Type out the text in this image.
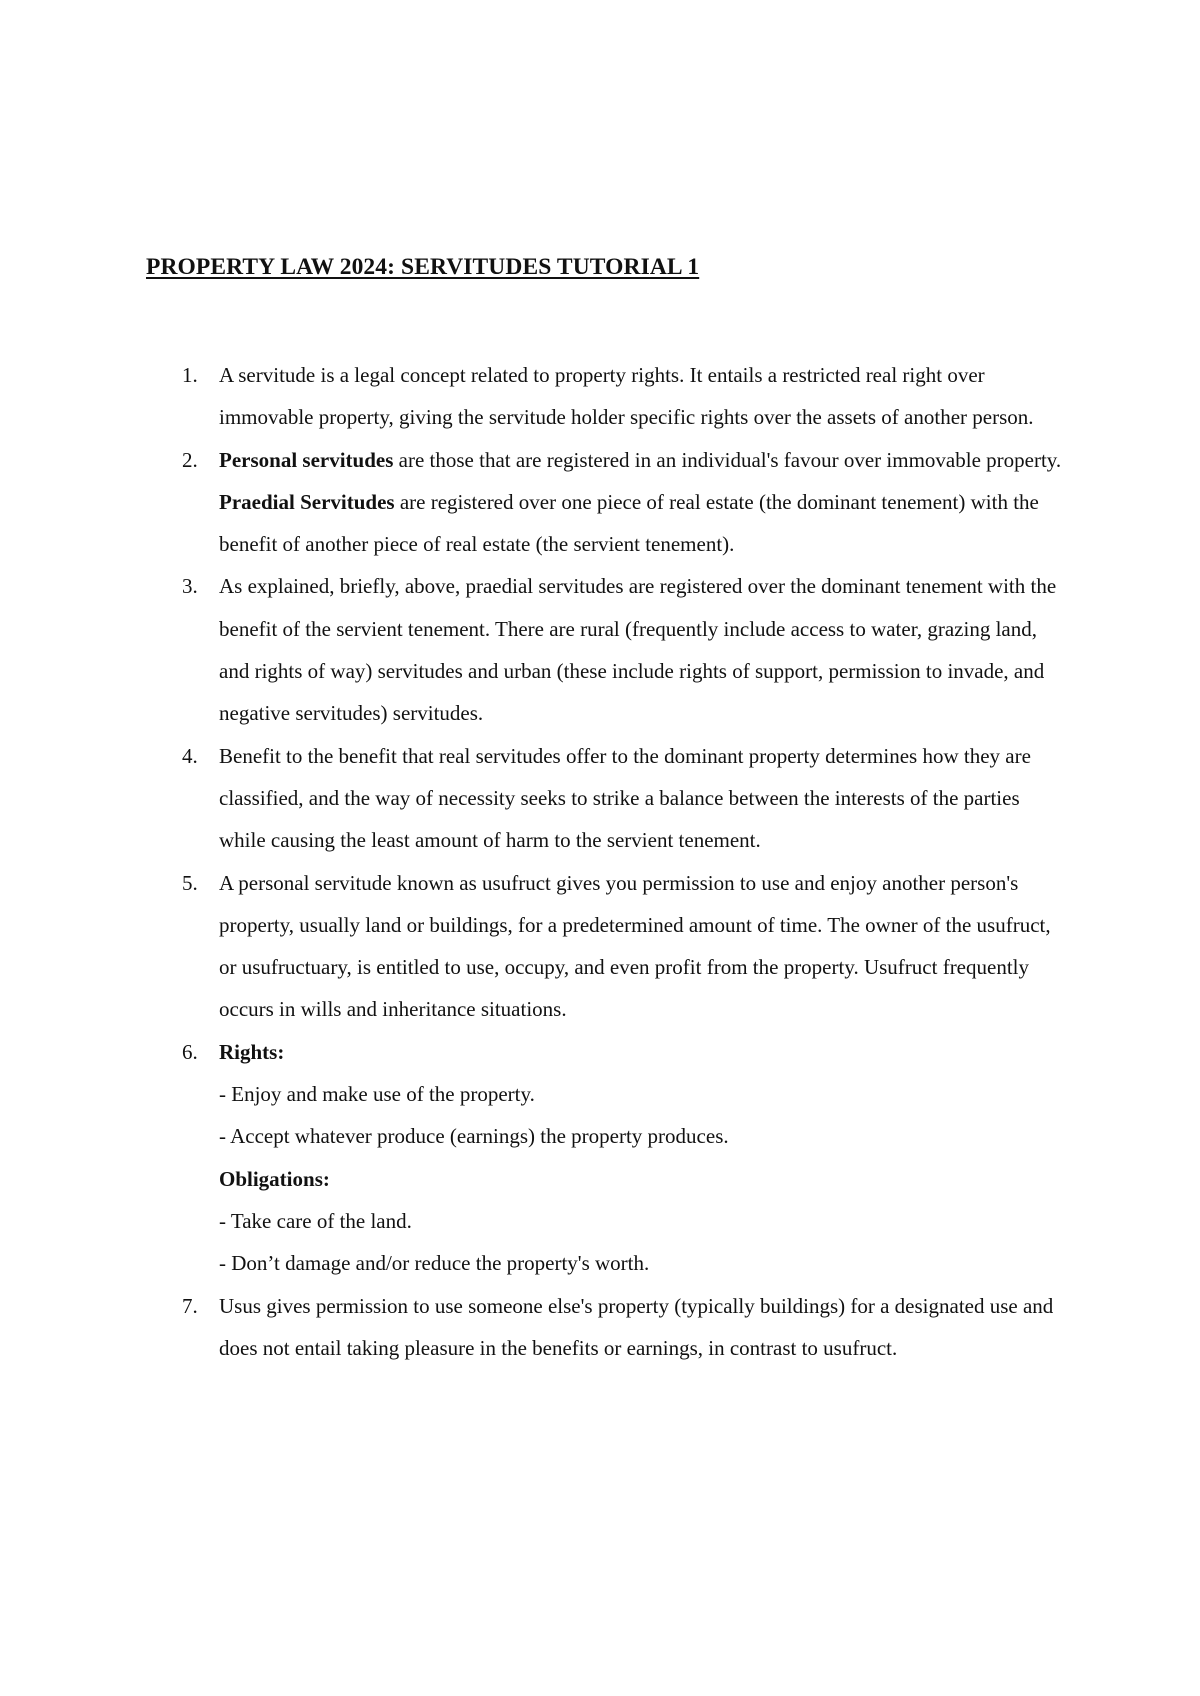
PROPERTY LAW 2024: SERVITUDES TUTORIAL 1
1. A servitude is a legal concept related to property rights. It entails a restricted real right over immovable property, giving the servitude holder specific rights over the assets of another person.

2. Personal servitudes are those that are registered in an individual's favour over immovable property.

Praedial Servitudes are registered over one piece of real estate (the dominant tenement) with the benefit of another piece of real estate (the servient tenement).

3. As explained, briefly, above, praedial servitudes are registered over the dominant tenement with the benefit of the servient tenement. There are rural (frequently include access to water, grazing land, and rights of way) servitudes and urban (these include rights of support, permission to invade, and negative servitudes) servitudes.

4. Benefit to the benefit that real servitudes offer to the dominant property determines how they are classified, and the way of necessity seeks to strike a balance between the interests of the parties while causing the least amount of harm to the servient tenement.

5. A personal servitude known as usufruct gives you permission to use and enjoy another person's property, usually land or buildings, for a predetermined amount of time. The owner of the usufruct, or usufructuary, is entitled to use, occupy, and even profit from the property. Usufruct frequently occurs in wills and inheritance situations.

6. Rights:

- Enjoy and make use of the property.

- Accept whatever produce (earnings) the property produces.

Obligations:

- Take care of the land.

- Don’t damage and/or reduce the property's worth.

7. Usus gives permission to use someone else's property (typically buildings) for a designated use and does not entail taking pleasure in the benefits or earnings, in contrast to usufruct.
